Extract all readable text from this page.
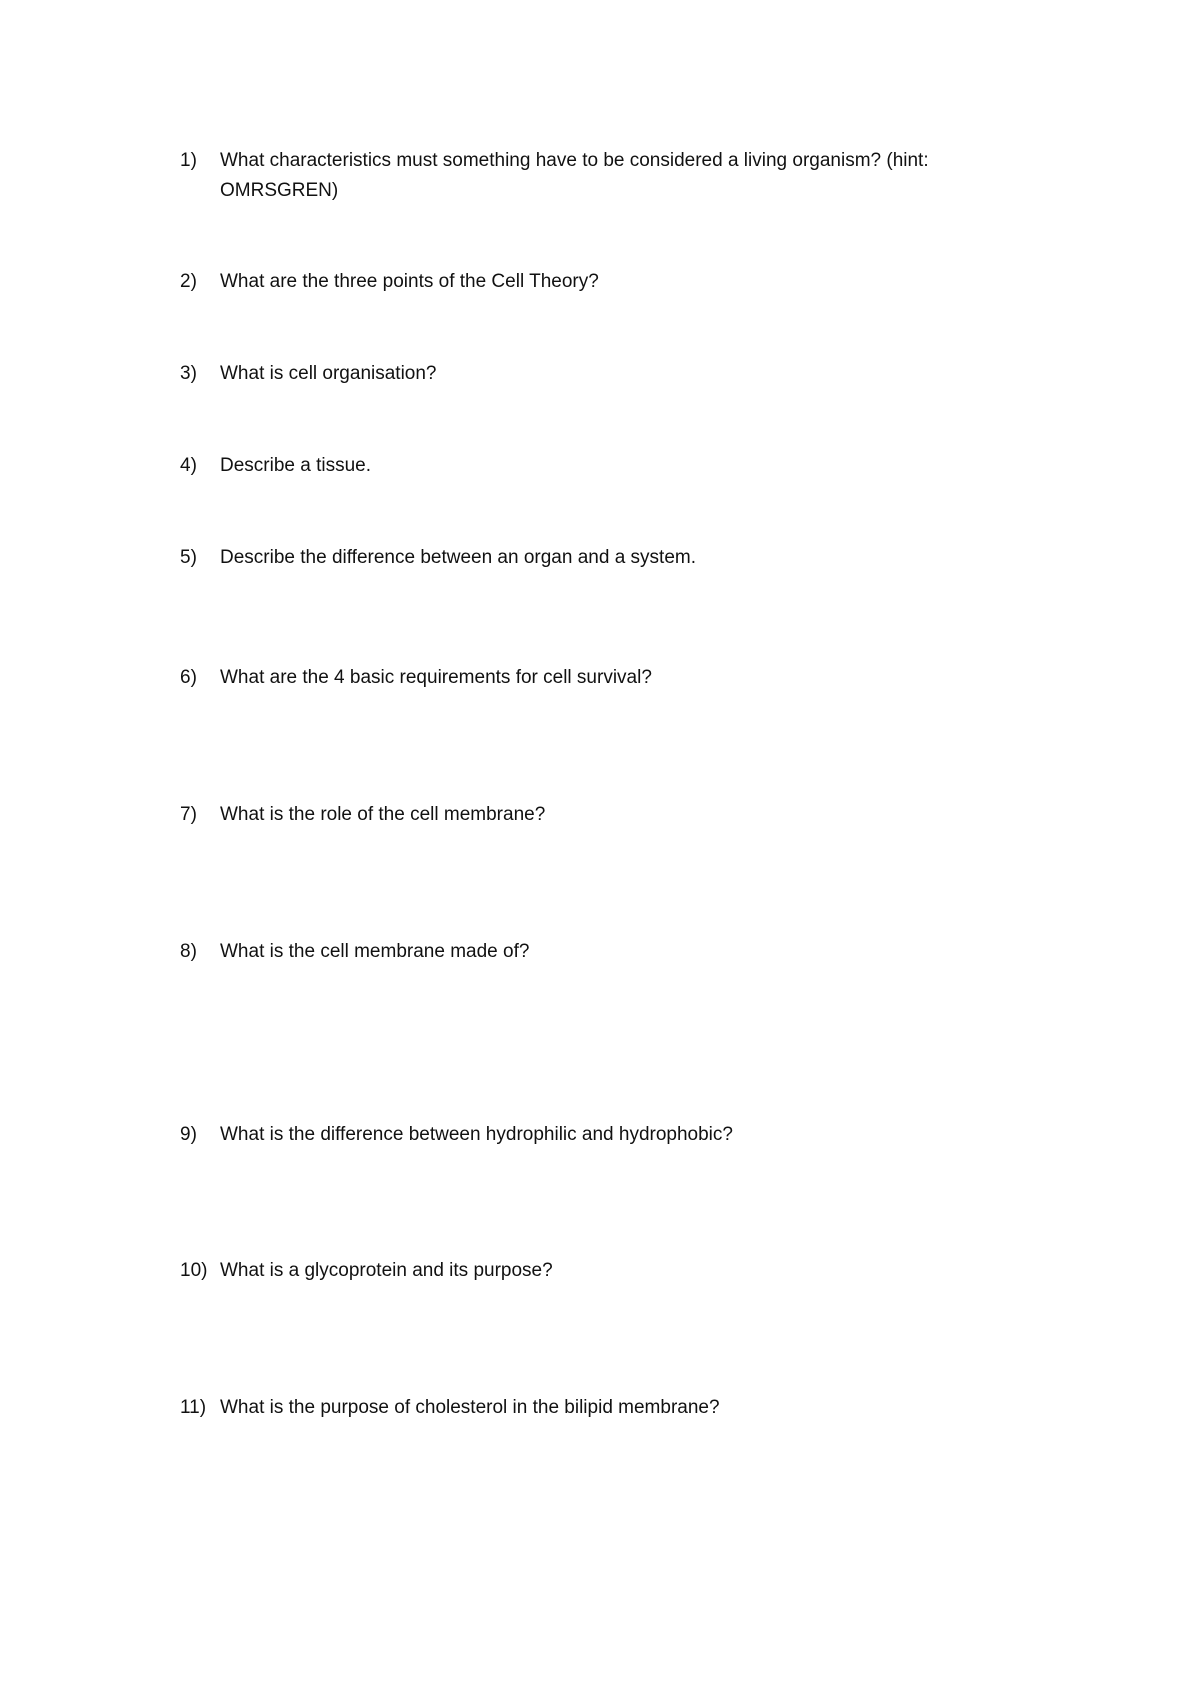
1)	What characteristics must something have to be considered a living organism? (hint: OMRSGREN)
2)	What are the three points of the Cell Theory?
3)	What is cell organisation?
4)	Describe a tissue.
5)	Describe the difference between an organ and a system.
6)	What are the 4 basic requirements for cell survival?
7)	What is the role of the cell membrane?
8)	What is the cell membrane made of?
9)	What is the difference between hydrophilic and hydrophobic?
10) What is a glycoprotein and its purpose?
11) What is the purpose of cholesterol in the bilipid membrane?
